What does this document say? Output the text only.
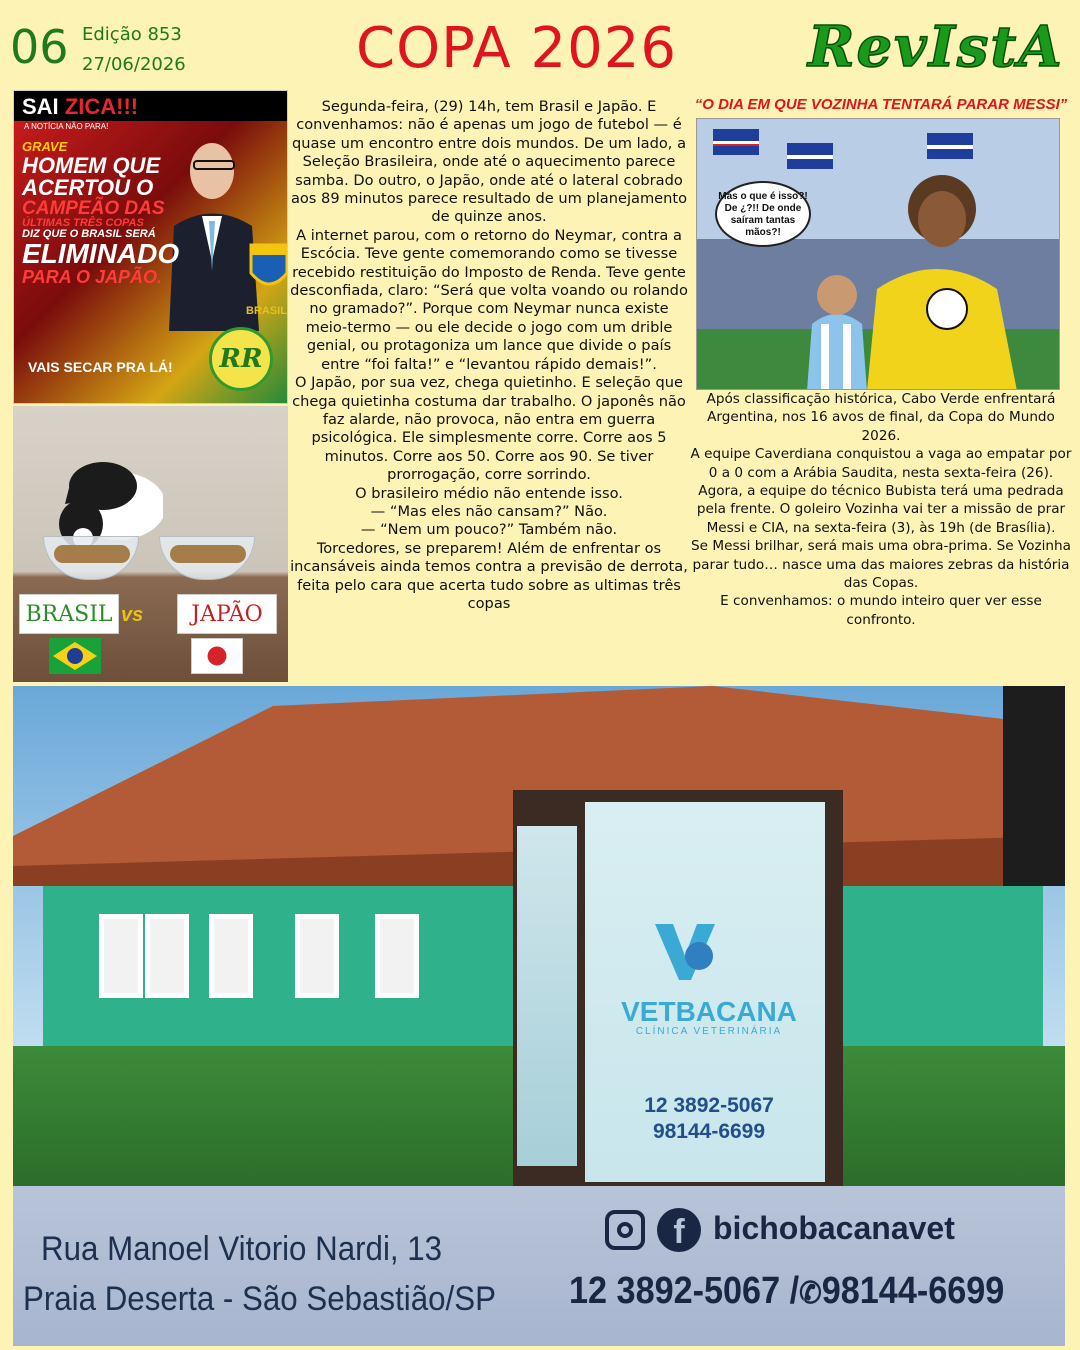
06 Edição 853
27/06/2026	COPA 2026 RevIstA
SAI ZICA!!!
A NOTÍCIA NÃO PARA!
GRAVE
HOMEM QUE ACERTOU O
CAMPEÃO DAS
ÚLTIMAS TRÊS COPAS
DIZ QUE O BRASIL SERÁ
ELIMINADO
PARA O JAPÃO.
BRASIL
VAIS SECAR PRA LÁ!	RR
BRASIL vs	JAPÃO

Segunda-feira, (29) 14h, tem Brasil e Japão. E convenhamos: não é apenas um jogo de futebol — é quase um encontro entre dois mundos. De um lado, a Seleção Brasileira, onde até o aquecimento parece samba. Do outro, o Japão, onde até o lateral cobrado aos 89 minutos parece resultado de um planejamento de quinze anos.

A internet parou, com o retorno do Neymar, contra a Escócia. Teve gente comemorando como se tivesse recebido restituição do Imposto de Renda. Teve gente desconfiada, claro: “Será que volta voando ou rolando no gramado?”. Porque com Neymar nunca existe meio-termo — ou ele decide o jogo com um drible genial, ou protagoniza um lance que divide o país entre “foi falta!” e “levantou rápido demais!”.

O Japão, por sua vez, chega quietinho. E seleção que chega quietinha costuma dar trabalho. O japonês não faz alarde, não provoca, não entra em guerra psicológica. Ele simplesmente corre. Corre aos 5 minutos. Corre aos 50. Corre aos 90. Se tiver prorrogação, corre sorrindo.

O brasileiro médio não entende isso.

— “Mas eles não cansam?” Não.

— “Nem um pouco?” Também não.

Torcedores, se preparem! Além de enfrentar os incansáveis ainda temos contra a previsão de derrota, feita pelo cara que acerta tudo sobre as ultimas três copas

“O DIA EM QUE VOZINHA TENTARÁ PARAR MESSI”
Mas o que é isso?! De ¿?!! De onde saíram tantas mãos?!

Após classificação histórica, Cabo Verde enfrentará Argentina, nos 16 avos de final, da Copa do Mundo 2026.

A equipe Caverdiana conquistou a vaga ao empatar por 0 a 0 com a Arábia Saudita, nesta sexta-feira (26).

Agora, a equipe do técnico Bubista terá uma pedrada pela frente. O goleiro Vozinha vai ter a missão de prar Messi e CIA, na sexta-feira (3), às 19h (de Brasília).

Se Messi brilhar, será mais uma obra-prima. Se Vozinha parar tudo… nasce uma das maiores zebras da história das Copas.

E convenhamos: o mundo inteiro quer ver esse confronto.

VETBACANA
CLÍNICA VETERINÁRIA
12 3892-5067
98144-6699
Rua Manoel Vitorio Nardi, 13
Praia Deserta - São Sebastião/SP
f bichobacanavet
12 3892-5067 /✆98144-6699
